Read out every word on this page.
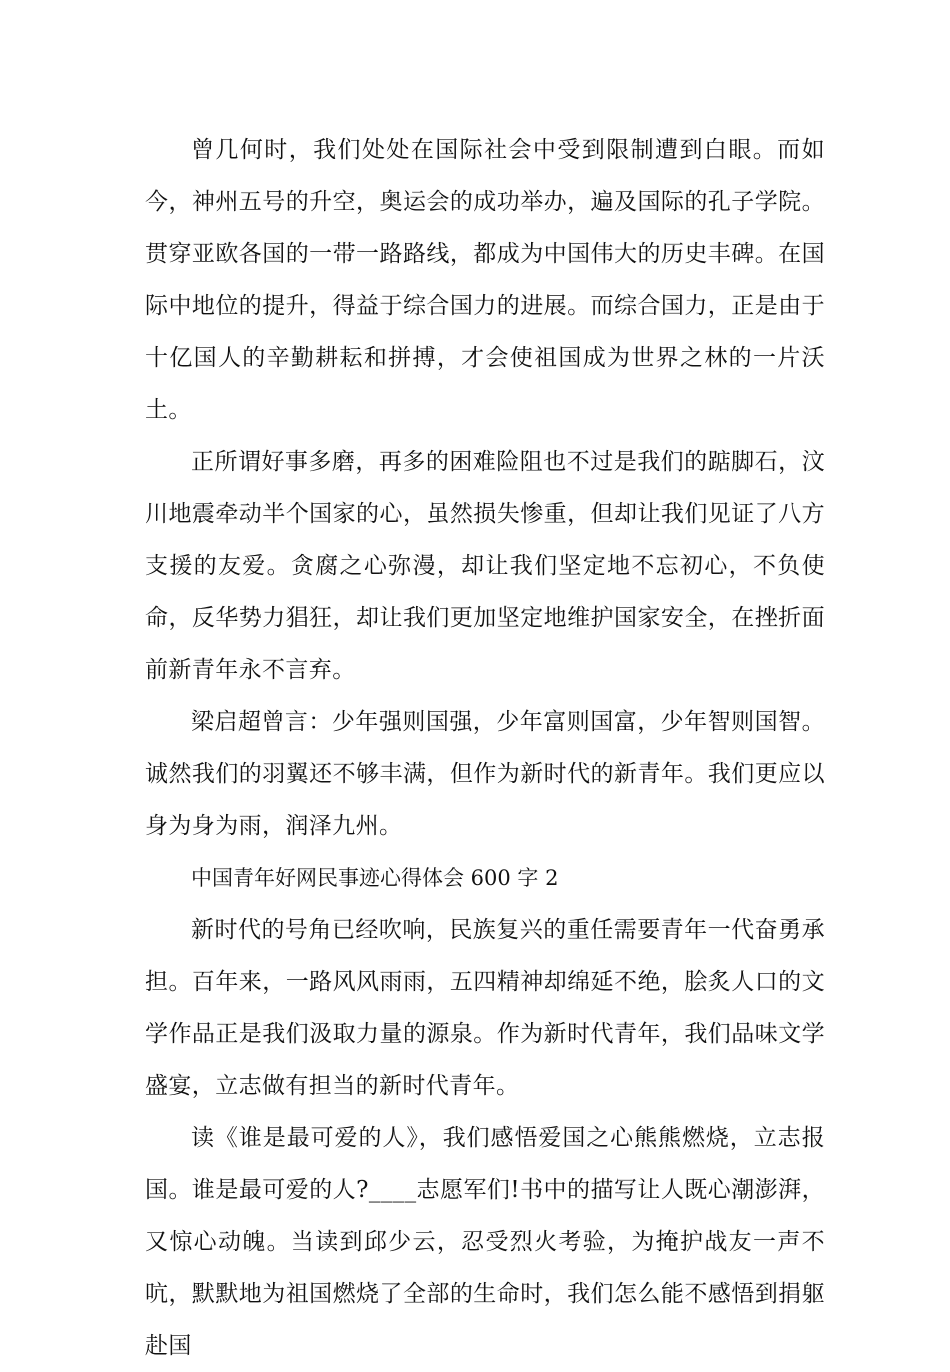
曾几何时，我们处处在国际社会中受到限制遭到白眼。而如今，神州五号的升空，奥运会的成功举办，遍及国际的孔子学院。贯穿亚欧各国的一带一路路线，都成为中国伟大的历史丰碑。在国际中地位的提升，得益于综合国力的进展。而综合国力，正是由于十亿国人的辛勤耕耘和拼搏，才会使祖国成为世界之林的一片沃土。

正所谓好事多磨，再多的困难险阻也不过是我们的踮脚石，汶川地震牵动半个国家的心，虽然损失惨重，但却让我们见证了八方支援的友爱。贪腐之心弥漫，却让我们坚定地不忘初心，不负使命，反华势力猖狂，却让我们更加坚定地维护国家安全，在挫折面前新青年永不言弃。

梁启超曾言：少年强则国强，少年富则国富，少年智则国智。诚然我们的羽翼还不够丰满，但作为新时代的新青年。我们更应以身为身为雨，润泽九州。

中国青年好网民事迹心得体会 600 字 2

新时代的号角已经吹响，民族复兴的重任需要青年一代奋勇承担。百年来，一路风风雨雨，五四精神却绵延不绝，脍炙人口的文学作品正是我们汲取力量的源泉。作为新时代青年，我们品味文学盛宴，立志做有担当的新时代青年。

读《谁是最可爱的人》，我们感悟爱国之心熊熊燃烧，立志报国。谁是最可爱的人?____志愿军们!书中的描写让人既心潮澎湃，又惊心动魄。当读到邱少云，忍受烈火考验，为掩护战友一声不吭，默默地为祖国燃烧了全部的生命时，我们怎么能不感悟到捐躯赴国
